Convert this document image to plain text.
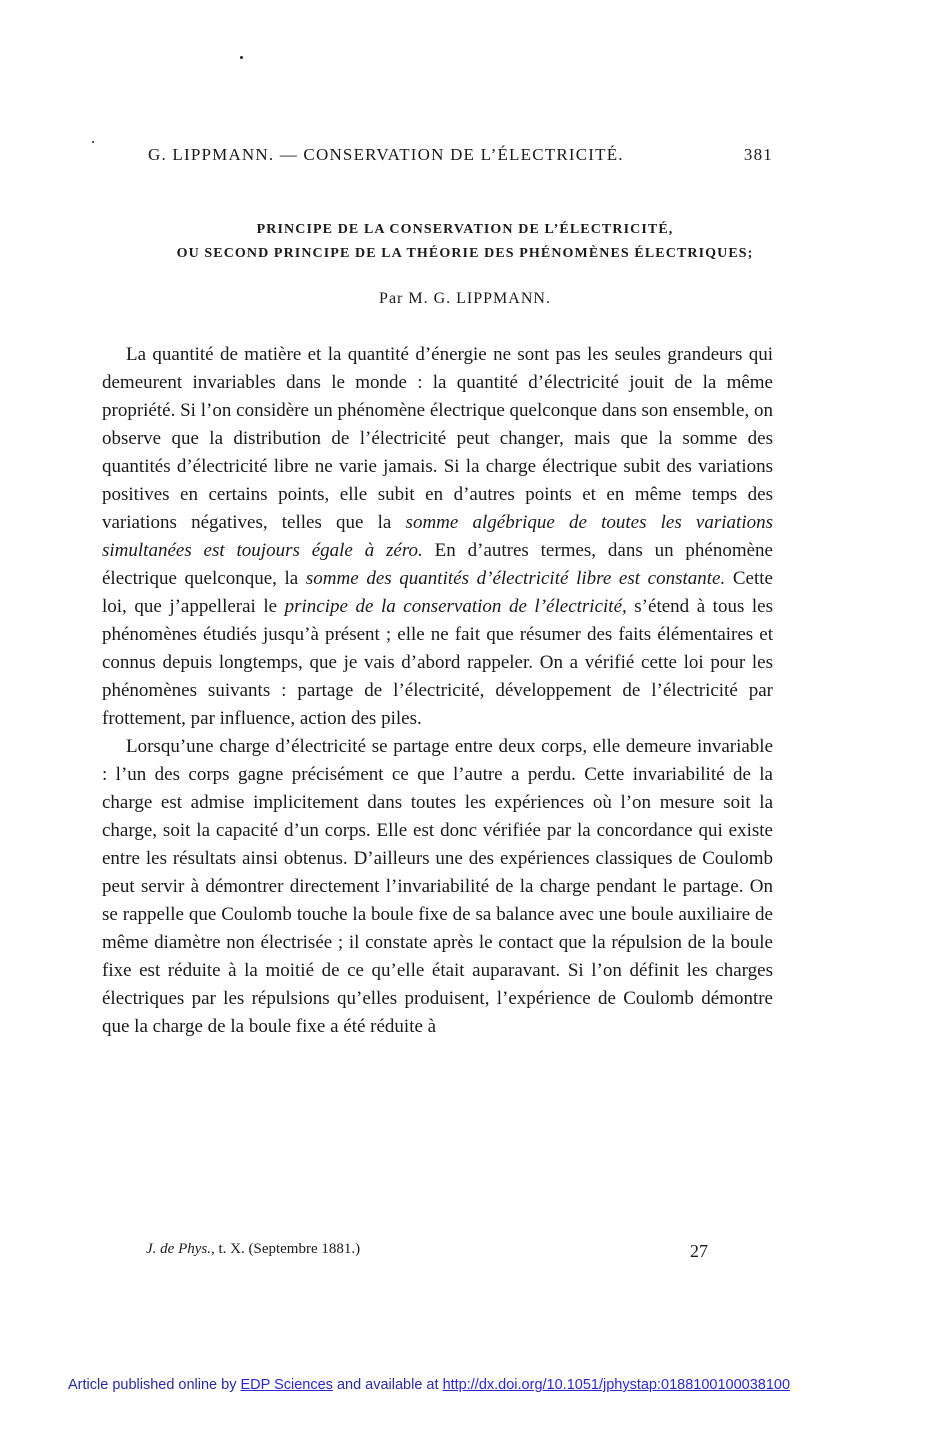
G. LIPPMANN. — CONSERVATION DE L’ÉLECTRICITÉ.	381
PRINCIPE DE LA CONSERVATION DE L’ÉLECTRICITÉ,
OU SECOND PRINCIPE DE LA THÉORIE DES PHÉNOMÈNES ÉLECTRIQUES;
Par M. G. LIPPMANN.

La quantité de matière et la quantité d’énergie ne sont pas les seules grandeurs qui demeurent invariables dans le monde : la quantité d’électricité jouit de la même propriété. Si l’on considère un phénomène électrique quelconque dans son ensemble, on observe que la distribution de l’électricité peut changer, mais que la somme des quantités d’électricité libre ne varie jamais. Si la charge électrique subit des variations positives en certains points, elle subit en d’autres points et en même temps des variations négatives, telles que la somme algébrique de toutes les variations simultanées est toujours égale à zéro. En d’autres termes, dans un phénomène électrique quelconque, la somme des quantités d’électricité libre est constante. Cette loi, que j’appellerai le principe de la conservation de l’électricité, s’étend à tous les phénomènes étudiés jusqu’à présent ; elle ne fait que résumer des faits élémentaires et connus depuis longtemps, que je vais d’abord rappeler. On a vérifié cette loi pour les phénomènes suivants : partage de l’électricité, développement de l’électricité par frottement, par influence, action des piles.

Lorsqu’une charge d’électricité se partage entre deux corps, elle demeure invariable : l’un des corps gagne précisément ce que l’autre a perdu. Cette invariabilité de la charge est admise implicitement dans toutes les expériences où l’on mesure soit la charge, soit la capacité d’un corps. Elle est donc vérifiée par la concordance qui existe entre les résultats ainsi obtenus. D’ailleurs une des expériences classiques de Coulomb peut servir à démontrer directement l’invariabilité de la charge pendant le partage. On se rappelle que Coulomb touche la boule fixe de sa balance avec une boule auxiliaire de même diamètre non électrisée ; il constate après le contact que la répulsion de la boule fixe est réduite à la moitié de ce qu’elle était auparavant. Si l’on définit les charges électriques par les répulsions qu’elles produisent, l’expérience de Coulomb démontre que la charge de la boule fixe a été réduite à

J. de Phys., t. X. (Septembre 1881.)	27
Article published online by EDP Sciences and available at http://dx.doi.org/10.1051/jphystap:0188100100038100
